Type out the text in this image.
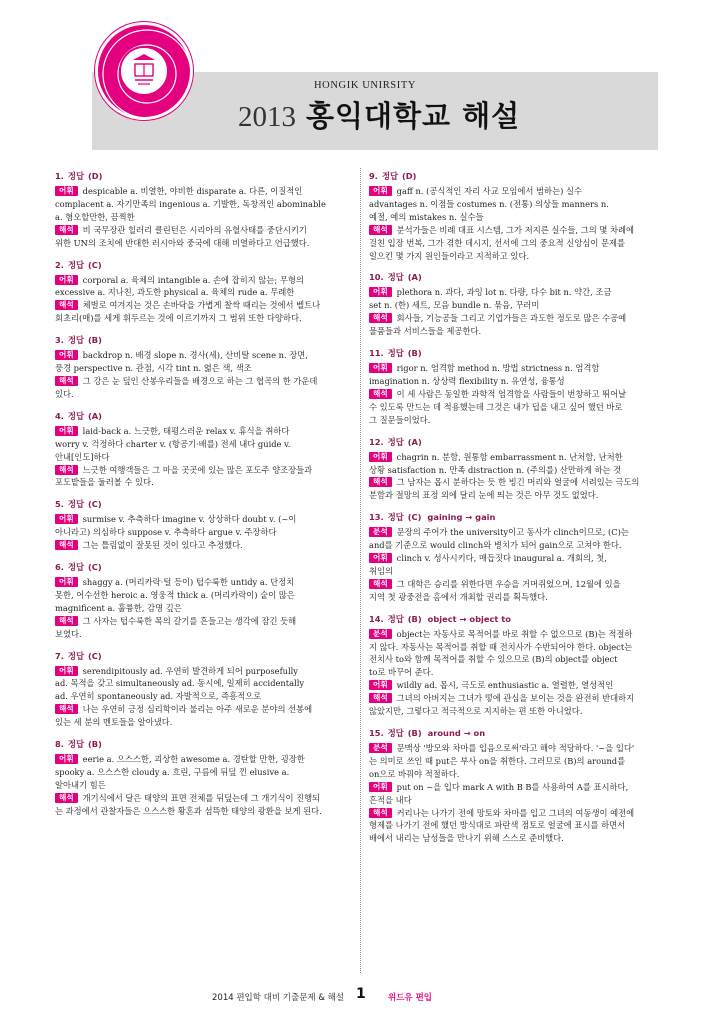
HONGIK UNIRSITY
2013 홍익대학교 해설
1. 정답 (D)
어휘 despicable a. 비열한, 야비한 disparate a. 다른, 이질적인
complacent a. 자기만족의 ingenious a. 기발한, 독창적인 abominable
a. 혐오할만한, 끔찍한
해석 비 국무장관 힐러리 클린턴은 시리아의 유혈사태를 중단시키기
위한 UN의 조치에 반대한 러시아와 중국에 대해 비열하다고 언급했다.
2. 정답 (C)
어휘 corporal a. 육체의 intangible a. 손에 잡히지 않는; 무형의
excessive a. 지나친, 과도한 physical a. 육체의 rude a. 무례한
해석 체벌로 여겨지는 것은 손바닥을 가볍게 찰싹 때리는 것에서 벨트나
회초리(매)를 세게 휘두르는 것에 이르기까지 그 범위 또한 다양하다.
3. 정답 (B)
어휘 backdrop n. 배경 slope n. 경사(세), 산비탈 scene n. 장면,
풍경 perspective n. 관점, 시각 tint n. 엷은 색, 색조
해석 그 강은 눈 덮인 산봉우리들을 배경으로 하는 그 협곡의 한 가운데
있다.
4. 정답 (A)
어휘 laid-back a. 느긋한, 태평스러운 relax v. 휴식을 취하다
worry v. 걱정하다 charter v. (항공기·배를) 전세 내다 guide v.
안내[인도]하다
해석 느긋한 여행객들은 그 마을 곳곳에 있는 많은 포도주 양조장들과
포도밭들을 둘러볼 수 있다.
5. 정답 (C)
어휘 surmise v. 추측하다 imagine v. 상상하다 doubt v. (~이
아니라고) 의심하다 suppose v. 추측하다 argue v. 주장하다
해석 그는 틀림없이 잘못된 것이 있다고 추정했다.
6. 정답 (C)
어휘 shaggy a. (머리카락·털 등이) 텁수룩한 untidy a. 단정치
못한, 어수선한 heroic a. 영웅적 thick a. (머리카락이) 숱이 많은
magnificent a. 훌륭한, 감명 깊은
해석 그 사자는 텁수룩한 목의 갈기를 흔들고는 생각에 잠긴 듯해
보였다.
7. 정답 (C)
어휘 serendipitously ad. 우연히 발견하게 되어 purposefully
ad. 목적을 갖고 simultaneously ad. 동시에, 일제히 accidentally
ad. 우연히 spontaneously ad. 자발적으로, 즉흥적으로
해석 나는 우연히 긍정 심리학이라 불리는 아주 새로운 분야의 선봉에
있는 세 분의 멘토들을 알아냈다.
8. 정답 (B)
어휘 eerie a. 으스스한, 괴상한 awesome a. 경탄할 만한, 굉장한
spooky a. 으스스한 cloudy a. 흐린, 구름에 뒤덮 낀 elusive a.
알아내기 힘든
해석 개기식에서 달은 태양의 표면 전체를 뒤덮는데 그 개기식이 진행되
는 과정에서 관찰자들은 으스스한 황혼과 섬뜩한 태양의 광환을 보게 된다.
9. 정답 (D)
어휘 gaff n. (공식적인 자리 사교 모임에서 범하는) 실수
advantages n. 이점들 costumes n. (전통) 의상들 manners n.
예절, 예의 mistakes n. 실수들
해석 분석가들은 비례 대표 시스템, 그가 저지른 실수들, 그의 몇 차례에
걸친 입장 번복, 그가 겪한 데시지, 선서에 그의 중요적 신앙심이 문제를
일으킨 몇 가지 원인들이라고 지적하고 있다.
10. 정답 (A)
어휘 plethora n. 과다, 과잉 lot n. 다량, 다수 bit n. 약간, 조금
set n. (한) 세트, 모음 bundle n. 묶음, 꾸러미
해석 회사들, 기능공들 그리고 기업가들은 과도한 정도로 많은 수공예
물품들과 서비스들을 제공한다.
11. 정답 (B)
어휘 rigor n. 엄격함 method n. 방법 strictness n. 엄격함
imagination n. 상상력 flexibility n. 유연성, 융통성
해석 이 세 사람은 동일한 과학적 엄격함을 사람들이 번창하고 뛰어날
수 있도록 만드는 데 적용했는데 그것은 내가 덥을 내고 싶어 했던 바로
그 질문들이었다.
12. 정답 (A)
어휘 chagrin n. 분함, 원통함 embarrassment n. 난처함, 난처한
상황 satisfaction n. 만족 distraction n. (주의를) 산만하게 하는 것
해석 그 남자는 몹시 분하다는 듯 한 빙긴 머리와 얼굴에 서려있는 극도의
분함과 절망의 표정 외에 달리 눈에 띄는 것은 아무 것도 없었다.
13. 정답 (C) gaining → gain
분석 문장의 주어가 the university이고 동사가 clinch이므로, (C)는
and를 기준으로 would clinch와 병치가 되어 gain으로 고쳐야 한다.
어휘 clinch v. 성사시키다, 매듭짓다 inaugural a. 개회의, 첫,
취임의
해석 그 대학은 승리를 위한다면 우승을 거머쥐었으며, 12월에 있을
지역 첫 광중전을 홈에서 개최할 권리를 획득했다.
14. 정답 (B) object → object to
분석 object는 자동사로 목적어를 바로 취할 수 없으므로 (B)는 적절하
지 않다. 자동사는 목적어를 취할 때 전치사가 수반되어야 한다. object는
전치사 to와 함께 목적어를 취할 수 있으므로 (B)의 object를 object
to로 바꾸어 준다.
어휘 wildly ad. 몹시, 극도로 enthusiastic a. 열렬한, 열성적인
해석 그녀의 아버지는 그녀가 떻에 관심을 보이는 것을 완전히 반대하지
않았지만, 그렇다고 적극적으로 지지하는 편 또한 아니었다.
15. 정답 (B) around → on
분석 문맥상 '방모와 차마를 입음으로써'라고 해야 적당하다. '~을 입다'
는 의미로 쓰인 때 put은 부사 on을 취한다. 그러므로 (B)의 around를
on으로 바꿔야 적절하다.
어휘 put on ~을 입다 mark A with B B를 사용하여 A를 표시하다,
흔적을 내다
해석 커리나는 나가기 전에 망토와 차마를 입고 그녀의 여동생이 예전에
형제를 나가기 전에 했던 방식대로 파란색 점토로 얼굴에 표시를 하면서
배에서 내리는 남성들을 만나기 위해 스스로 준비했다.
2014 편입학 대비 기출문제 & 해설 1	위드유 편입
